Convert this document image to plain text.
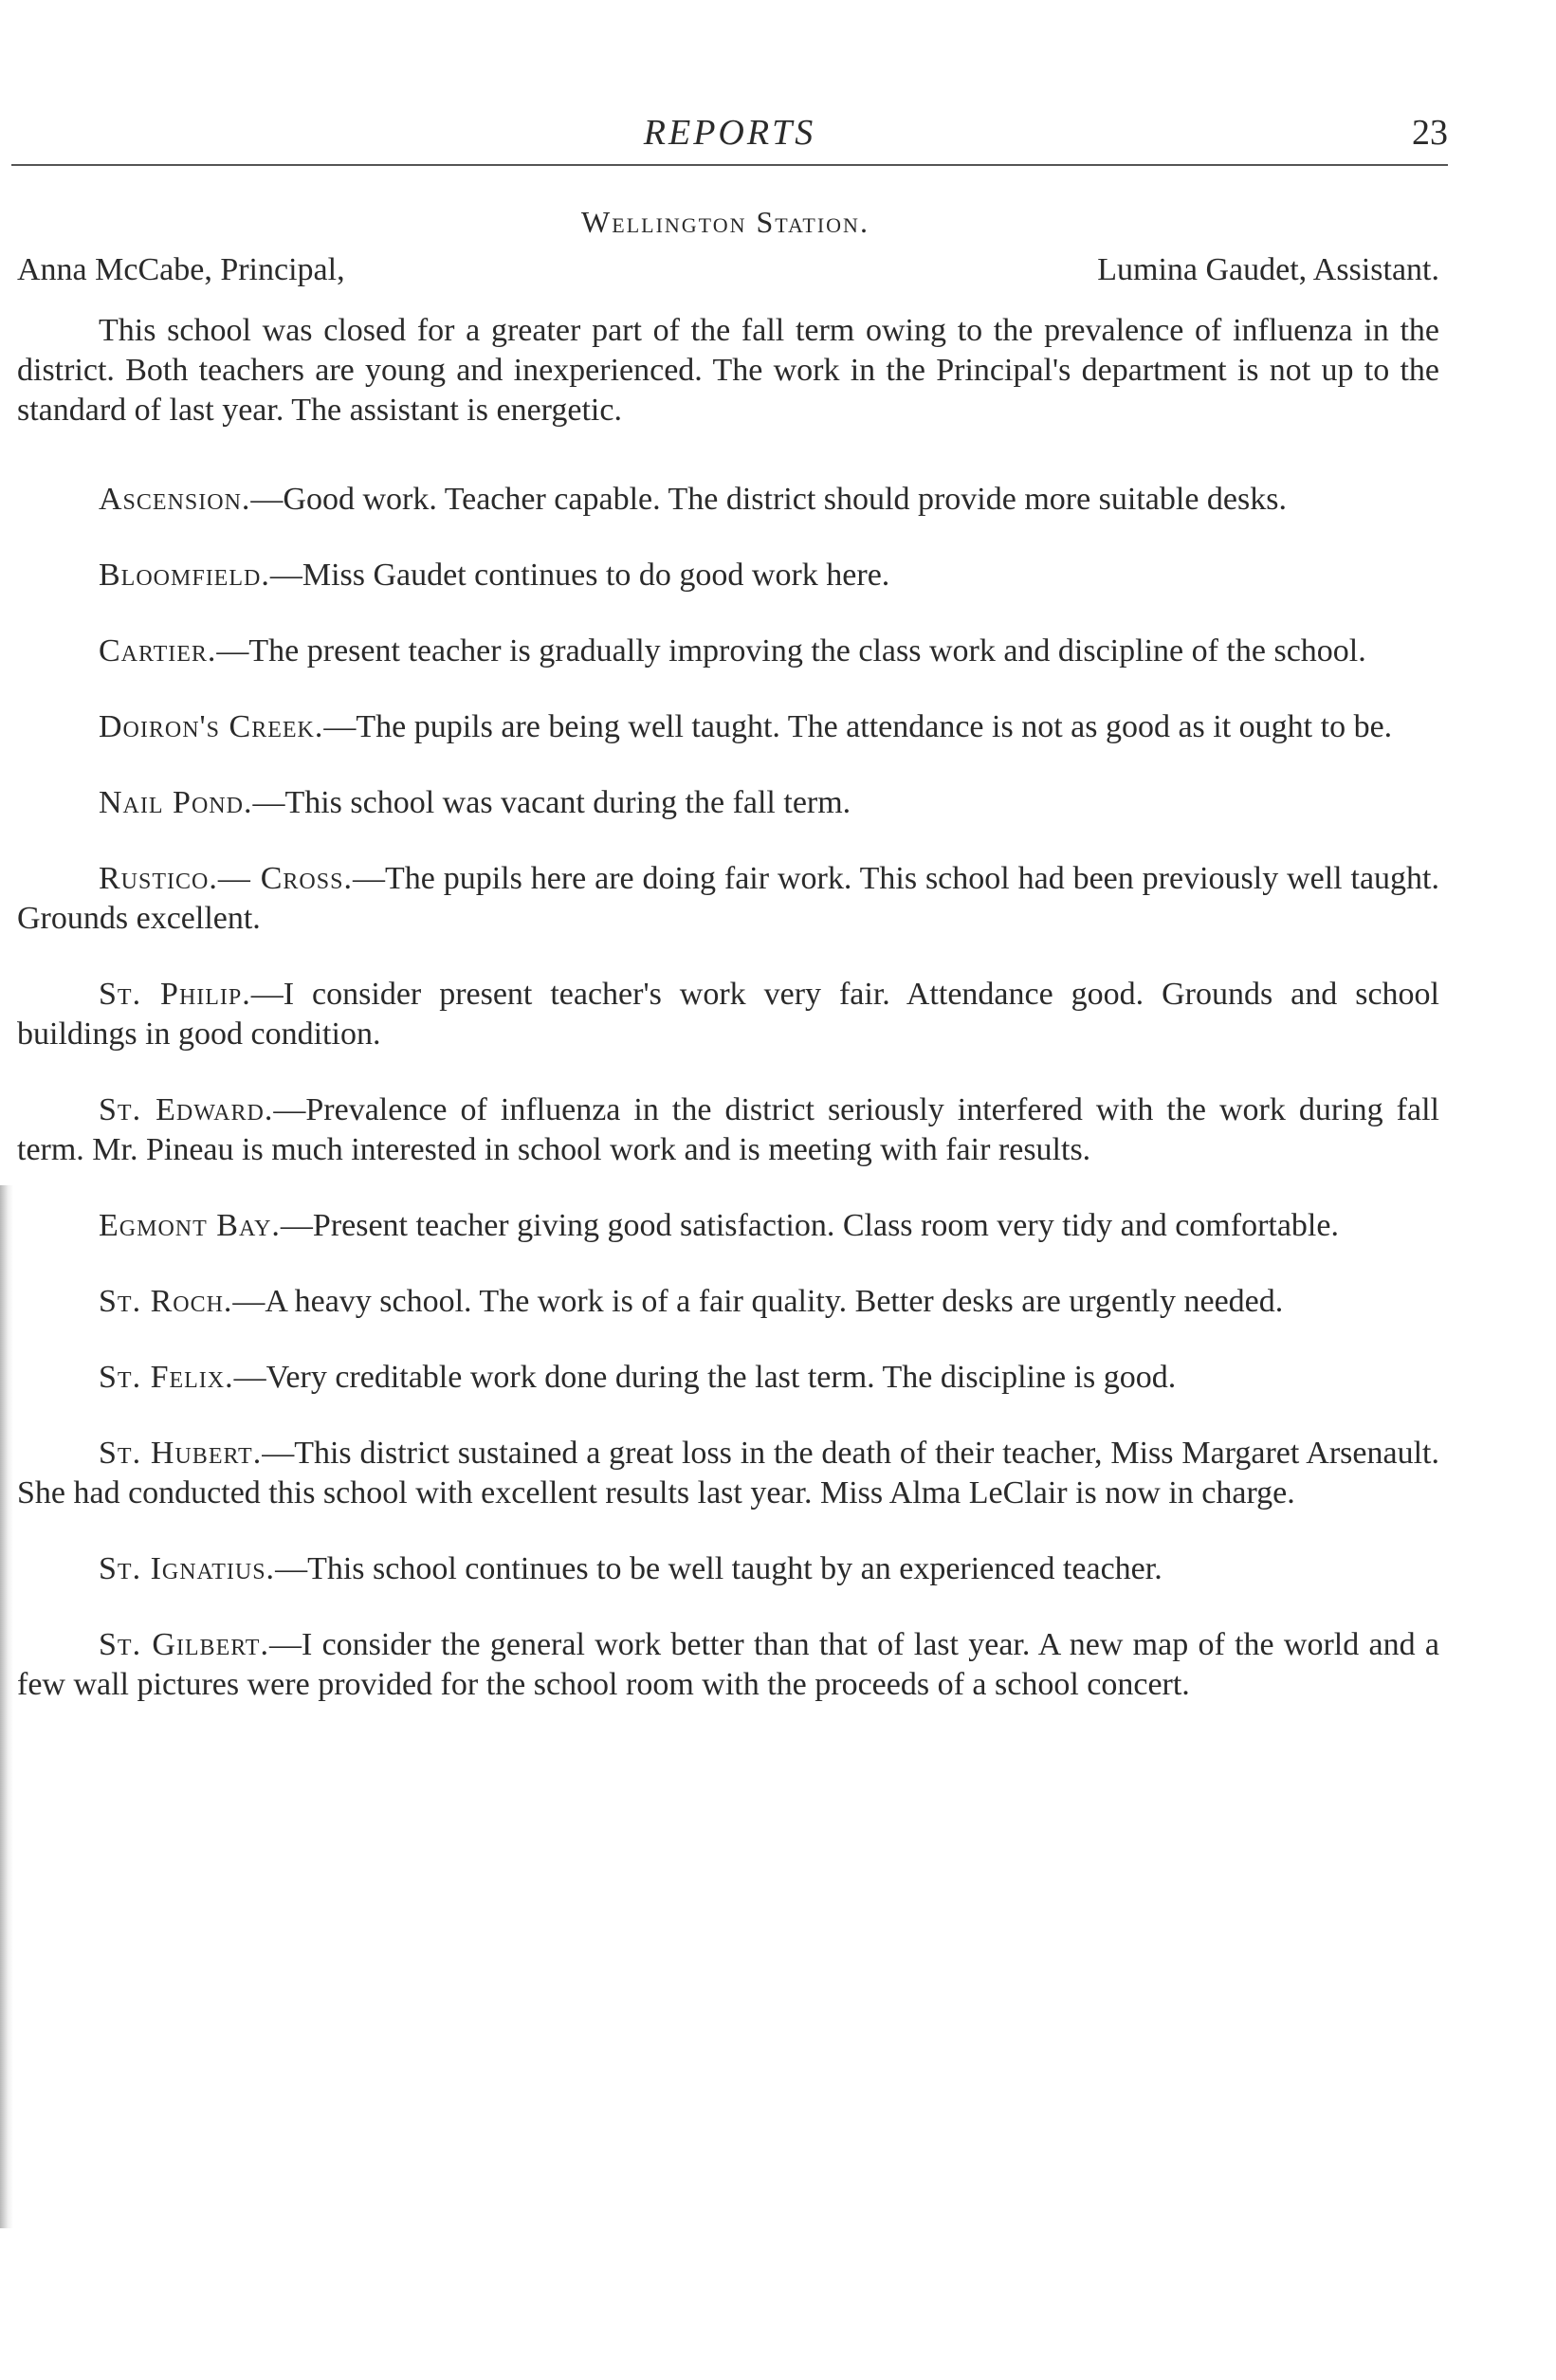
REPORTS	23
Wellington Station.
Anna McCabe, Principal,	Lumina Gaudet, Assistant.

This school was closed for a greater part of the fall term owing to the prevalence of influenza in the district. Both teachers are young and inexperienced. The work in the Principal's department is not up to the standard of last year. The assistant is energetic.

Ascension.—Good work. Teacher capable. The district should provide more suitable desks.

Bloomfield.—Miss Gaudet continues to do good work here.

Cartier.—The present teacher is gradually improving the class work and discipline of the school.

Doiron's Creek.—The pupils are being well taught. The attendance is not as good as it ought to be.

Nail Pond.—This school was vacant during the fall term.

Rustico.— Cross.—The pupils here are doing fair work. This school had been previously well taught. Grounds excellent.

St. Philip.—I consider present teacher's work very fair. Attendance good. Grounds and school buildings in good condition.

St. Edward.—Prevalence of influenza in the district seriously interfered with the work during fall term. Mr. Pineau is much interested in school work and is meeting with fair results.

Egmont Bay.—Present teacher giving good satisfaction. Class room very tidy and comfortable.

St. Roch.—A heavy school. The work is of a fair quality. Better desks are urgently needed.

St. Felix.—Very creditable work done during the last term. The discipline is good.

St. Hubert.—This district sustained a great loss in the death of their teacher, Miss Margaret Arsenault. She had conducted this school with excellent results last year. Miss Alma LeClair is now in charge.

St. Ignatius.—This school continues to be well taught by an experienced teacher.

St. Gilbert.—I consider the general work better than that of last year. A new map of the world and a few wall pictures were provided for the school room with the proceeds of a school concert.
